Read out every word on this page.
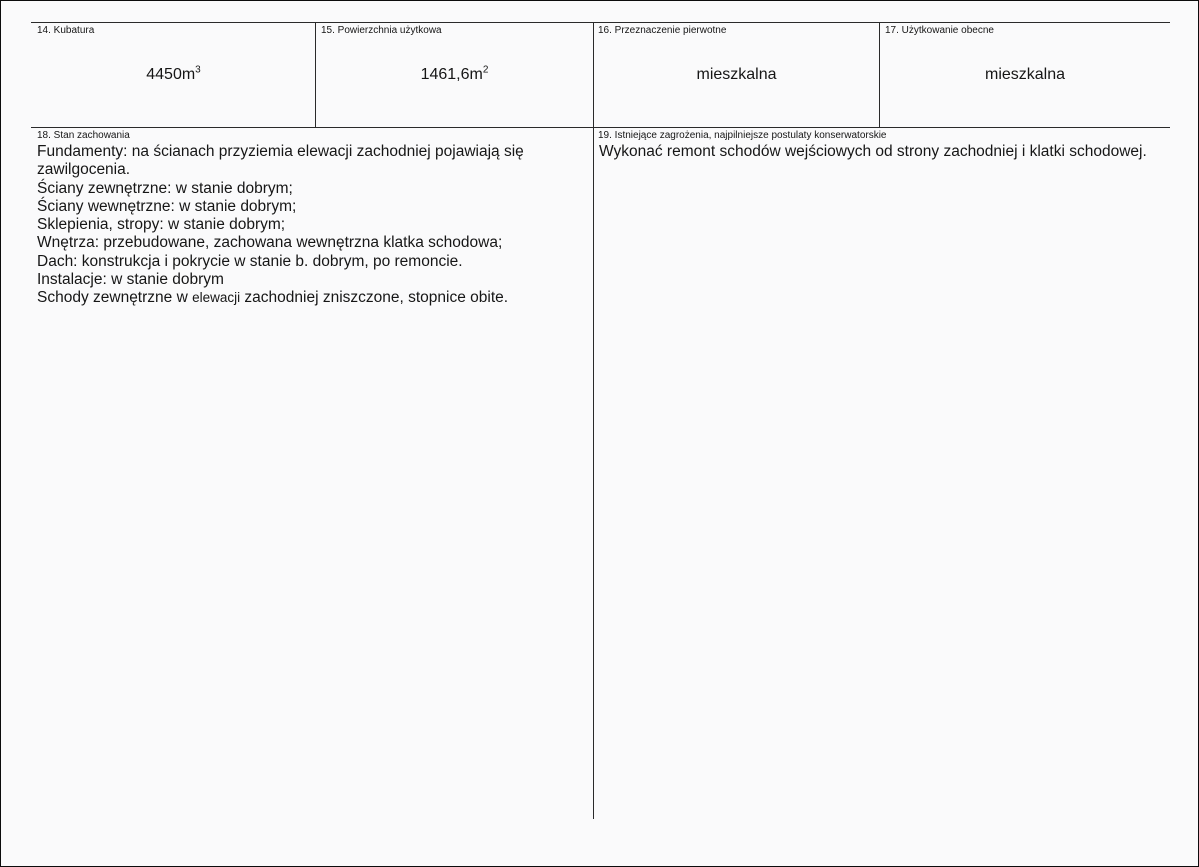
14. Kubatura
$4450m^3$
15. Powierzchnia użytkowa
$1461,6m^2$
16. Przeznaczenie pierwotne
mieszkalna
17. Użytkowanie obecne
mieszkalna
18. Stan zachowania
Fundamenty: na ścianach przyziemia elewacji zachodniej pojawiają się
zawilgocenia.
Ściany zewnętrzne: w stanie dobrym;
Ściany wewnętrzne: w stanie dobrym;
Sklepienia, stropy: w stanie dobrym;
Wnętrza: przebudowane, zachowana wewnętrzna klatka schodowa;
Dach: konstrukcja i pokrycie w stanie b. dobrym, po remoncie.
Instalacje: w stanie dobrym
Schody zewnętrzne w elewacji zachodniej zniszczone, stopnice obite.
19. Istniejące zagrożenia, najpilniejsze postulaty konserwatorskie
Wykonać remont schodów wejściowych od strony zachodniej i klatki schodowej.
